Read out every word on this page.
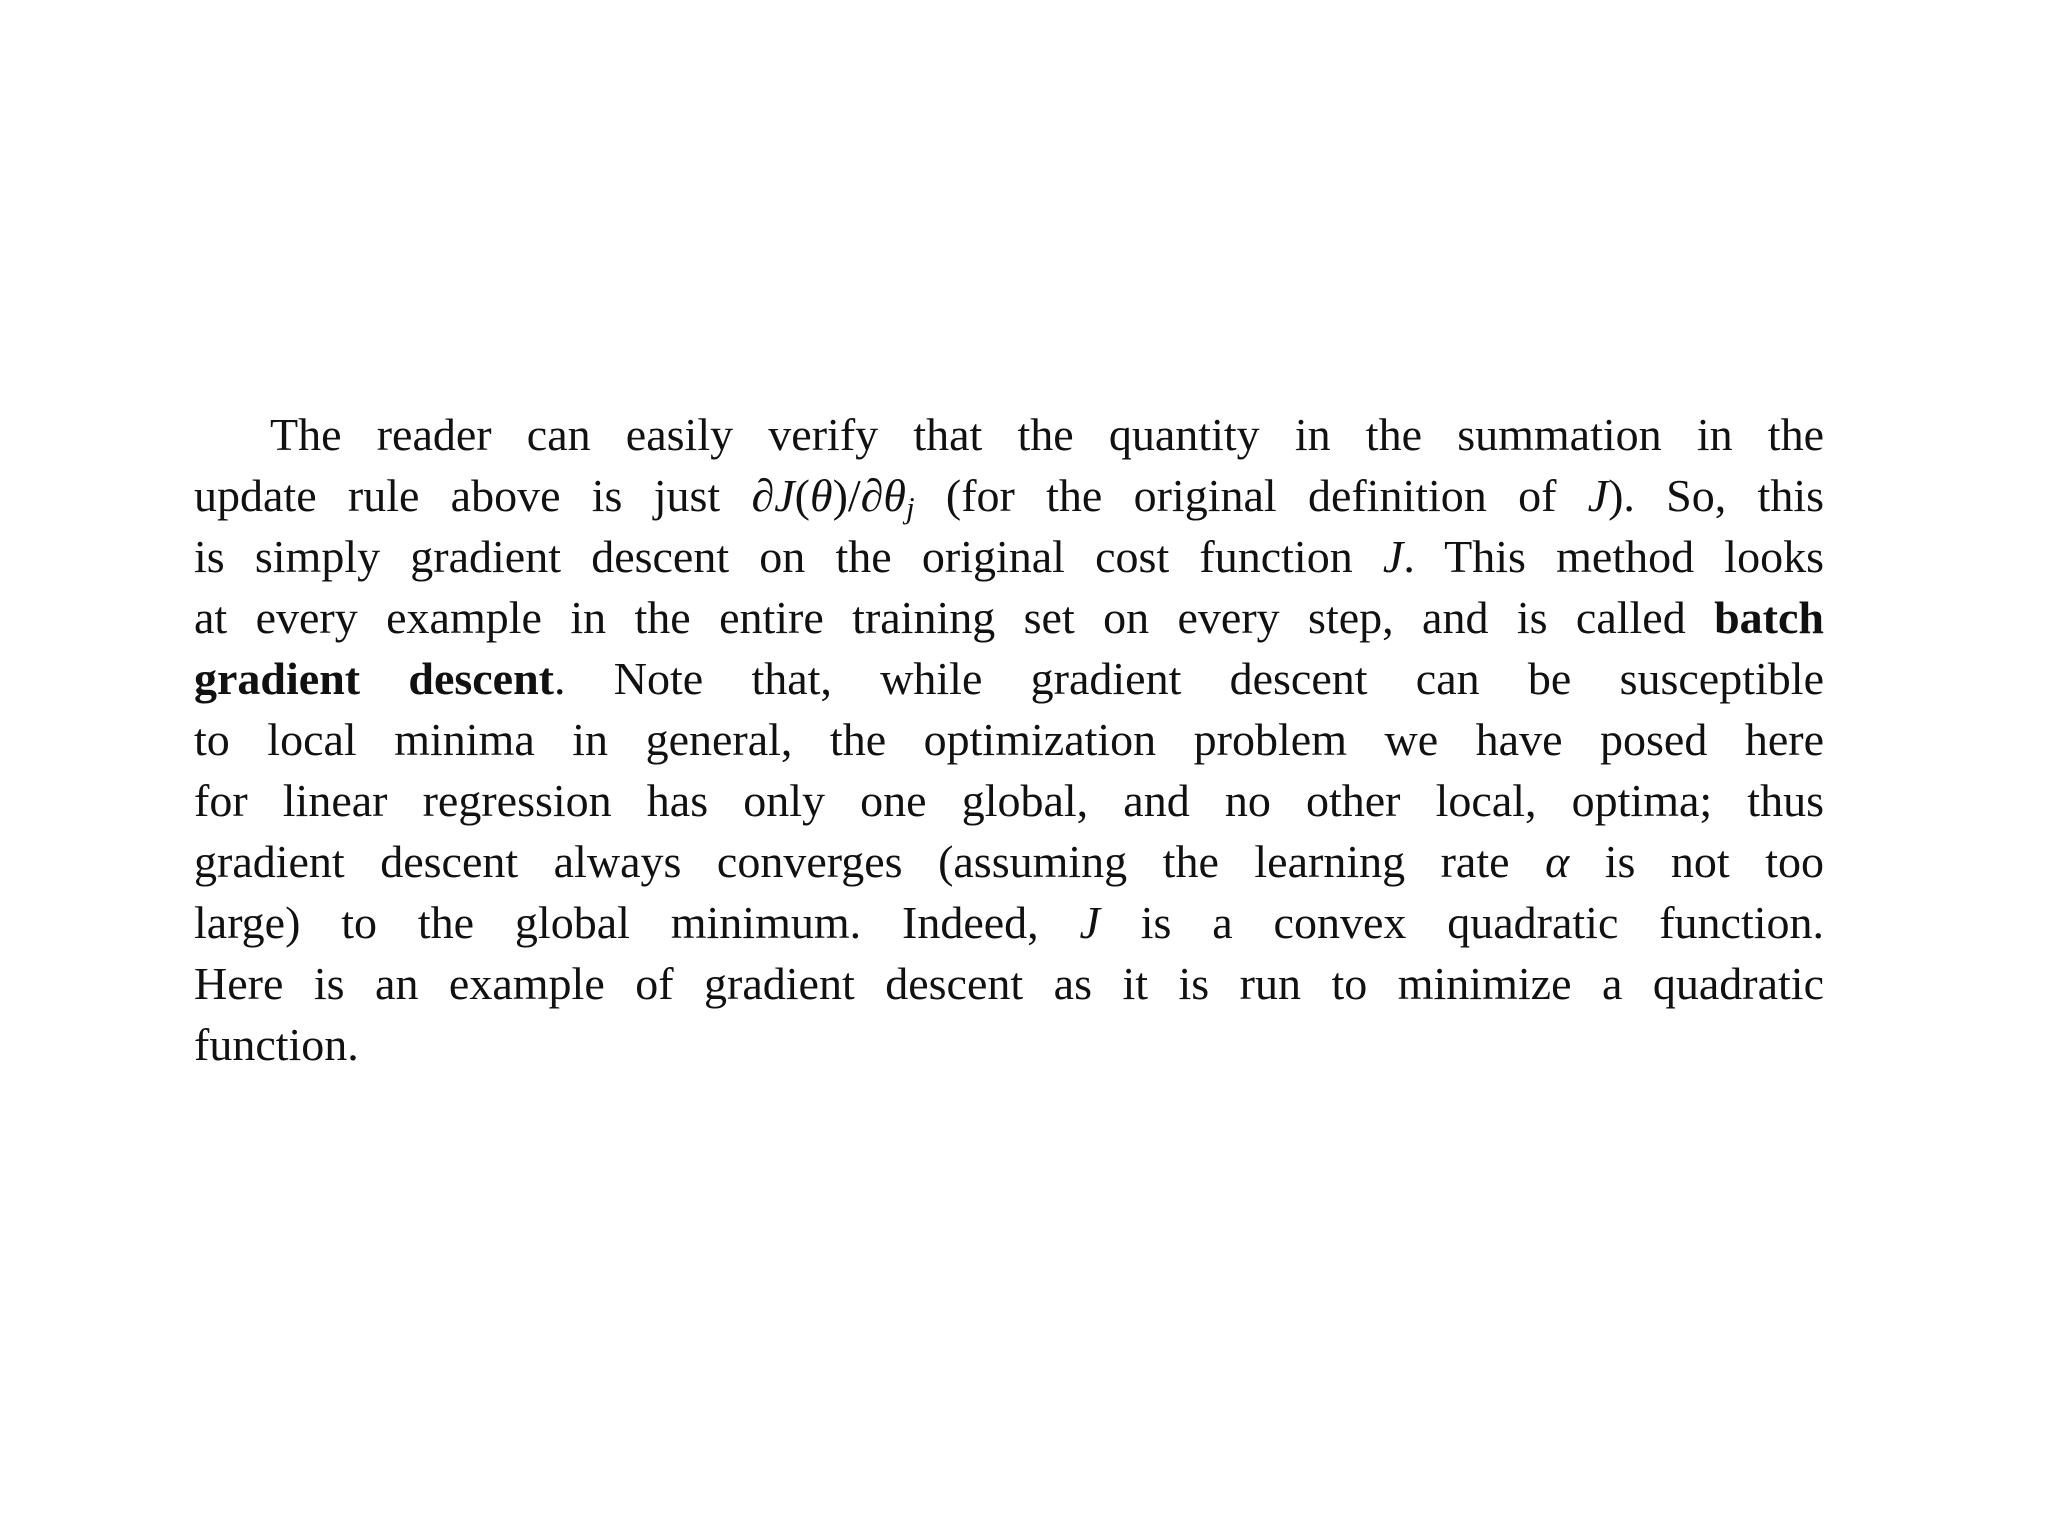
The reader can easily verify that the quantity in the summation in the
update rule above is just $\partial J(\theta)/\partial\theta_j$ (for the original definition of J). So, this
is simply gradient descent on the original cost function J. This method looks
at every example in the entire training set on every step, and is called batch
gradient descent. Note that, while gradient descent can be susceptible
to local minima in general, the optimization problem we have posed here
for linear regression has only one global, and no other local, optima; thus
gradient descent always converges (assuming the learning rate α is not too
large) to the global minimum. Indeed, J is a convex quadratic function.
Here is an example of gradient descent as it is run to minimize a quadratic
function.
